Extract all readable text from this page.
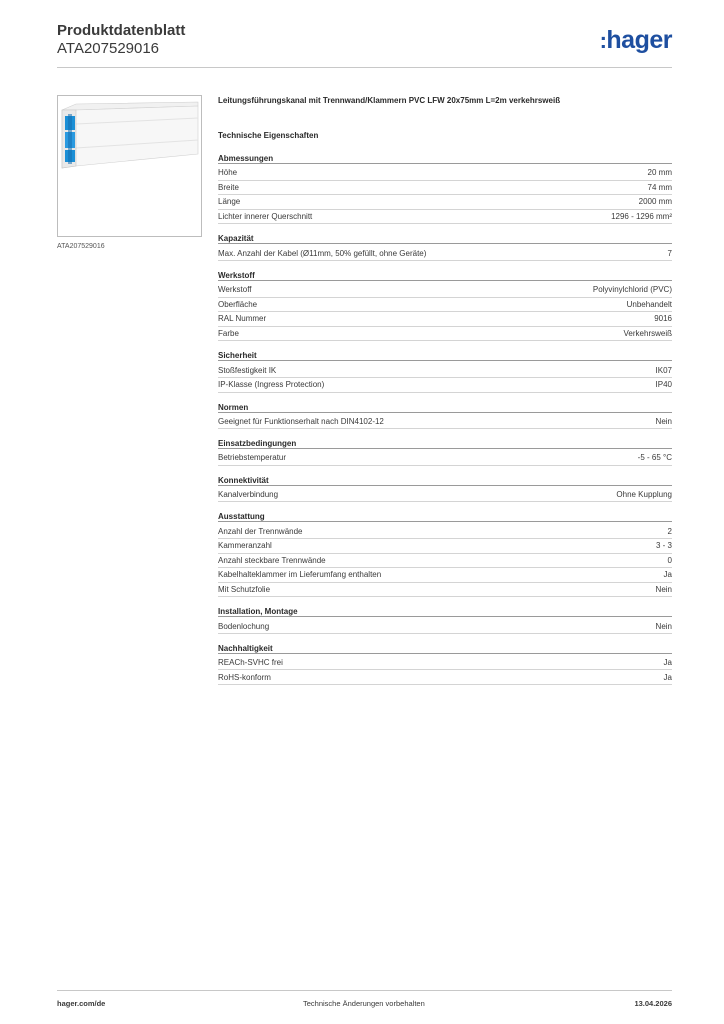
Produktdatenblatt
ATA207529016	:hager
ATA207529016
Leitungsführungskanal mit Trennwand/Klammern PVC LFW 20x75mm L=2m verkehrsweiß
Technische Eigenschaften
Abmessungen
Höhe	20 mm
Breite	74 mm
Länge	2000 mm
Lichter innerer Querschnitt	1296 - 1296 mm²
Kapazität
Max. Anzahl der Kabel (Ø11mm, 50% gefüllt, ohne Geräte)	7
Werkstoff
Werkstoff	Polyvinylchlorid (PVC)
Oberfläche	Unbehandelt
RAL Nummer	9016
Farbe	Verkehrsweiß
Sicherheit
Stoßfestigkeit IK	IK07
IP-Klasse (Ingress Protection)	IP40
Normen
Geeignet für Funktionserhalt nach DIN4102-12	Nein
Einsatzbedingungen
Betriebstemperatur	-5 - 65 °C
Konnektivität
Kanalverbindung	Ohne Kupplung
Ausstattung
Anzahl der Trennwände	2
Kammeranzahl	3 - 3
Anzahl steckbare Trennwände	0
Kabelhalteklammer im Lieferumfang enthalten	Ja
Mit Schutzfolie	Nein
Installation, Montage
Bodenlochung	Nein
Nachhaltigkeit
REACh-SVHC frei	Ja
RoHS-konform	Ja
hager.com/de	Technische Änderungen vorbehalten	13.04.2026
